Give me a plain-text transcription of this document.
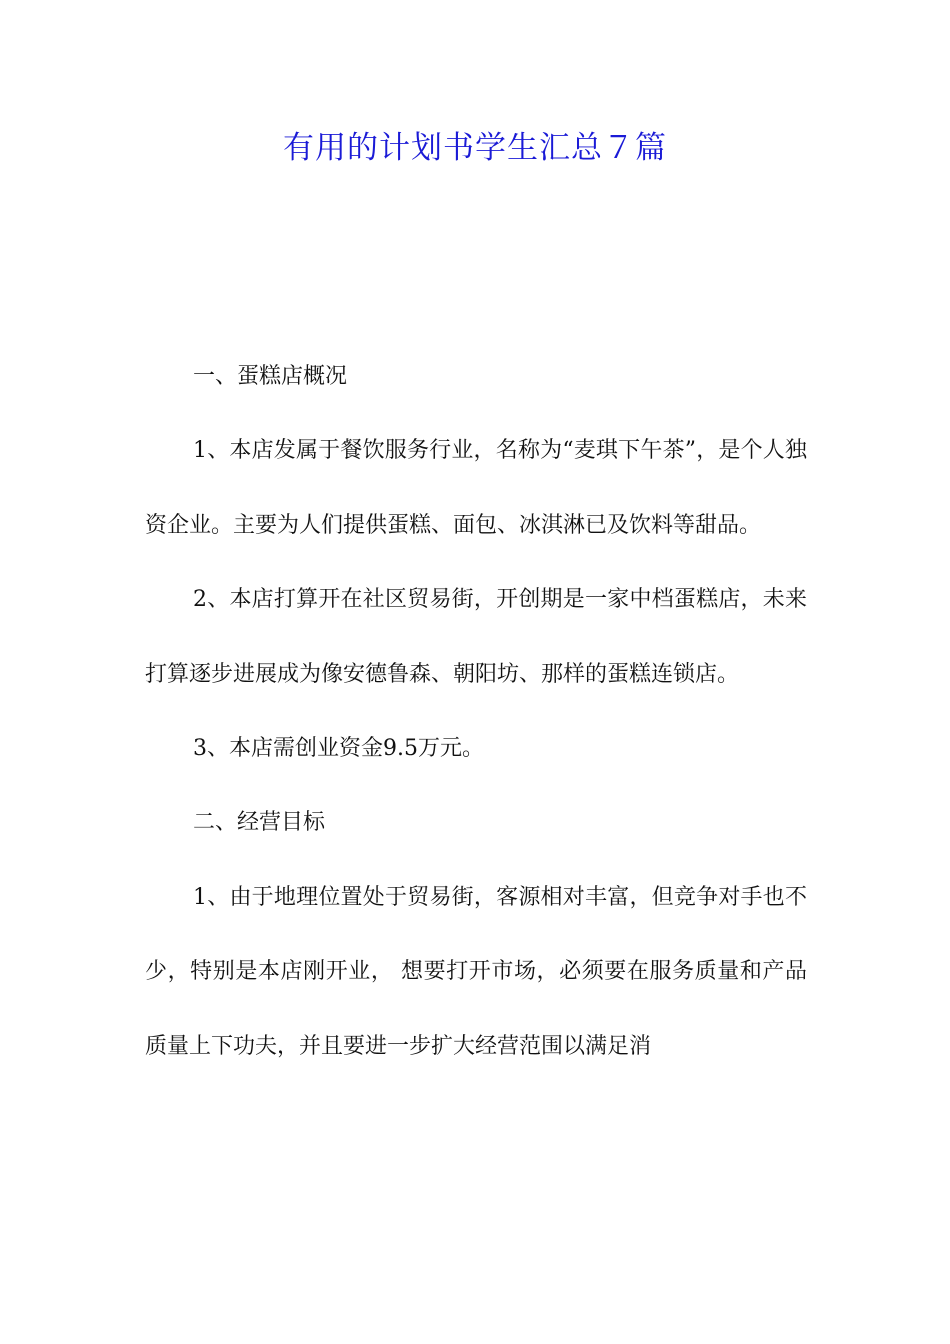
有用的计划书学生汇总７篇

一、蛋糕店概况

1、本店发属于餐饮服务行业，名称为“麦琪下午茶”，是个人独资企业。主要为人们提供蛋糕、面包、冰淇淋已及饮料等甜品。

2、本店打算开在社区贸易街，开创期是一家中档蛋糕店，未来打算逐步进展成为像安德鲁森、朝阳坊、那样的蛋糕连锁店。

3、本店需创业资金9.5万元。

二、经营目标

1、由于地理位置处于贸易街，客源相对丰富，但竞争对手也不少，特别是本店刚开业， 想要打开市场，必须要在服务质量和产品质量上下功夫，并且要进一步扩大经营范围以满足消
